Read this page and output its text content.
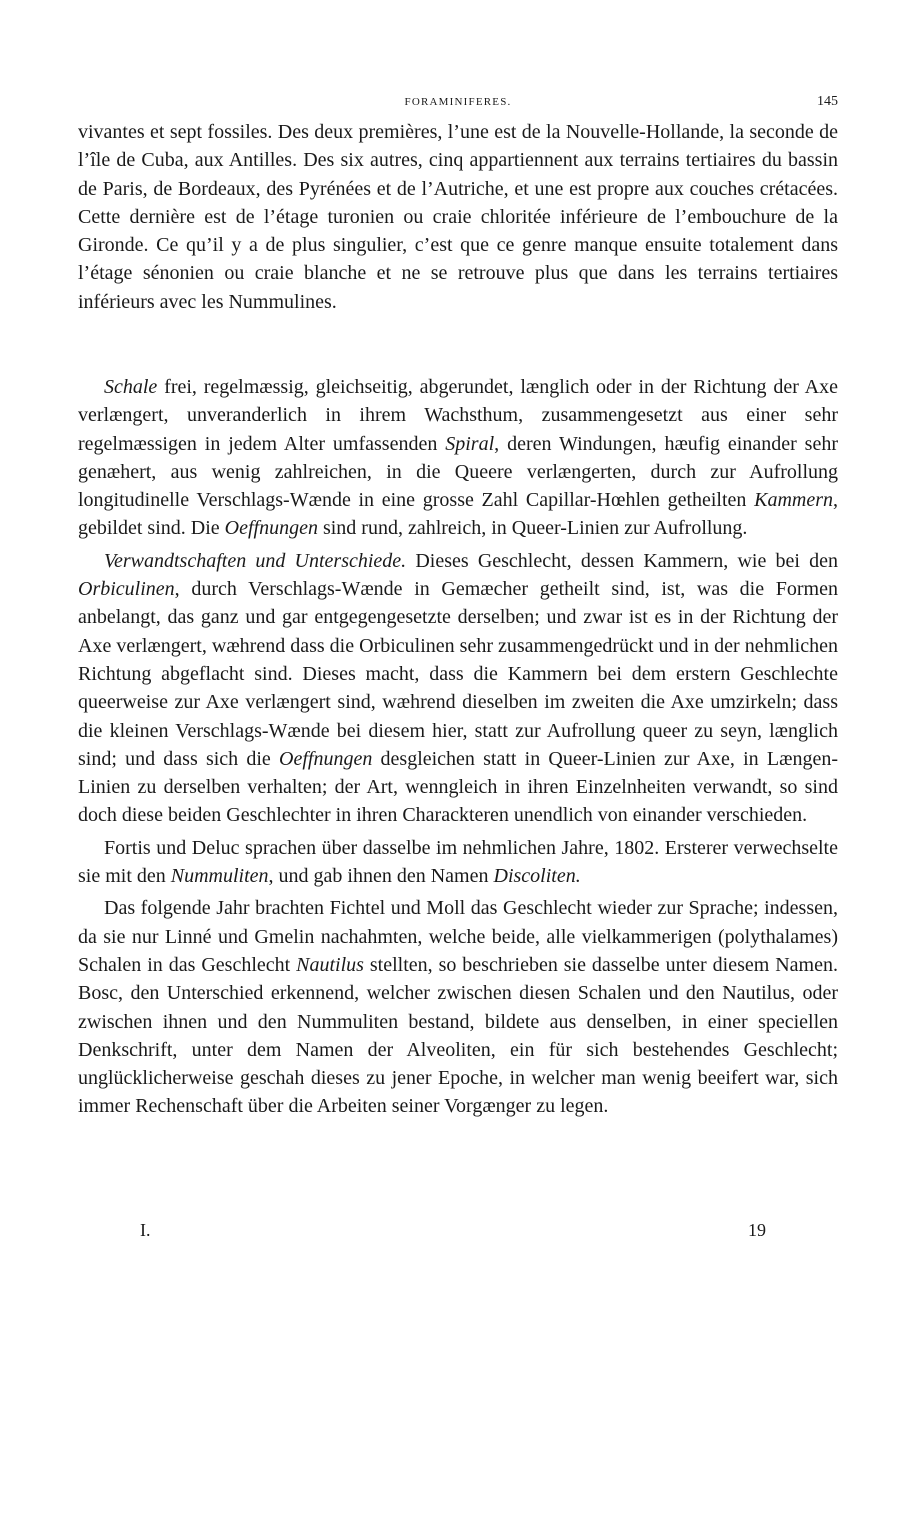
FORAMINIFERES.	145

vivantes et sept fossiles. Des deux premières, l’une est de la Nouvelle-Hollande, la seconde de l’île de Cuba, aux Antilles. Des six autres, cinq appartiennent aux terrains tertiaires du bassin de Paris, de Bordeaux, des Pyrénées et de l’Autriche, et une est propre aux couches crétacées. Cette dernière est de l’étage turonien ou craie chloritée inférieure de l’embouchure de la Gironde. Ce qu’il y a de plus singulier, c’est que ce genre manque ensuite totalement dans l’étage sénonien ou craie blanche et ne se retrouve plus que dans les terrains tertiaires inférieurs avec les Nummulines.

Schale frei, regelmæssig, gleichseitig, abgerundet, længlich oder in der Richtung der Axe verlængert, unveranderlich in ihrem Wachsthum, zusammengesetzt aus einer sehr regelmæssigen in jedem Alter umfassenden Spiral, deren Windungen, hæufig einander sehr genæhert, aus wenig zahlreichen, in die Queere verlængerten, durch zur Aufrollung longitudinelle Verschlags-Wænde in eine grosse Zahl Capillar-Hœhlen getheilten Kammern, gebildet sind. Die Oeffnungen sind rund, zahlreich, in Queer-Linien zur Aufrollung.

Verwandtschaften und Unterschiede. Dieses Geschlecht, dessen Kammern, wie bei den Orbiculinen, durch Verschlags-Wænde in Gemæcher getheilt sind, ist, was die Formen anbelangt, das ganz und gar entgegengesetzte derselben; und zwar ist es in der Richtung der Axe verlængert, wæhrend dass die Orbiculinen sehr zusammengedrückt und in der nehmlichen Richtung abgeflacht sind. Dieses macht, dass die Kammern bei dem erstern Geschlechte queerweise zur Axe verlængert sind, wæhrend dieselben im zweiten die Axe umzirkeln; dass die kleinen Verschlags-Wænde bei diesem hier, statt zur Aufrollung queer zu seyn, længlich sind; und dass sich die Oeffnungen desgleichen statt in Queer-Linien zur Axe, in Længen-Linien zu derselben verhalten; der Art, wenngleich in ihren Einzelnheiten verwandt, so sind doch diese beiden Geschlechter in ihren Charackteren unendlich von einander verschieden.

Fortis und Deluc sprachen über dasselbe im nehmlichen Jahre, 1802. Ersterer verwechselte sie mit den Nummuliten, und gab ihnen den Namen Discoliten.

Das folgende Jahr brachten Fichtel und Moll das Geschlecht wieder zur Sprache; indessen, da sie nur Linné und Gmelin nachahmten, welche beide, alle vielkammerigen (polythalames) Schalen in das Geschlecht Nautilus stellten, so beschrieben sie dasselbe unter diesem Namen. Bosc, den Unterschied erkennend, welcher zwischen diesen Schalen und den Nautilus, oder zwischen ihnen und den Nummuliten bestand, bildete aus denselben, in einer speciellen Denkschrift, unter dem Namen der Alveoliten, ein für sich bestehendes Geschlecht; unglücklicherweise geschah dieses zu jener Epoche, in welcher man wenig beeifert war, sich immer Rechenschaft über die Arbeiten seiner Vorgænger zu legen.

I.	19
